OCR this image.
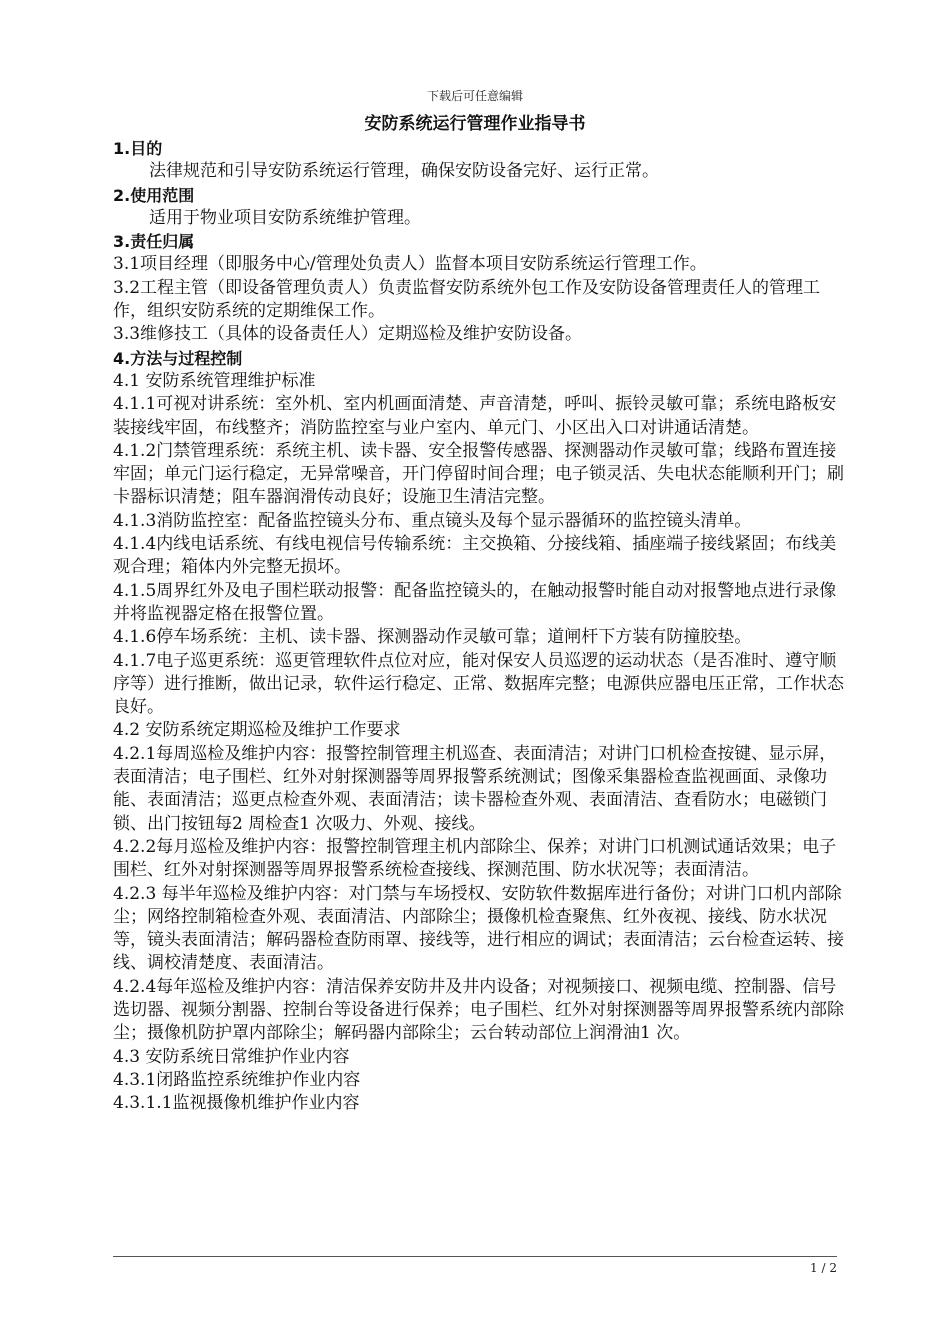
下载后可任意编辑
安防系统运行管理作业指导书
1.目的
法律规范和引导安防系统运行管理，确保安防设备完好、运行正常。
2.使用范围
适用于物业项目安防系统维护管理。
3.责任归属
3.1项目经理（即服务中心/管理处负责人）监督本项目安防系统运行管理工作。
3.2工程主管（即设备管理负责人）负责监督安防系统外包工作及安防设备管理责任人的管理工作，组织安防系统的定期维保工作。
3.3维修技工（具体的设备责任人）定期巡检及维护安防设备。
4.方法与过程控制
4.1 安防系统管理维护标准
4.1.1可视对讲系统：室外机、室内机画面清楚、声音清楚，呼叫、振铃灵敏可靠；系统电路板安装接线牢固，布线整齐；消防监控室与业户室内、单元门、小区出入口对讲通话清楚。
4.1.2门禁管理系统：系统主机、读卡器、安全报警传感器、探测器动作灵敏可靠；线路布置连接牢固；单元门运行稳定，无异常噪音，开门停留时间合理；电子锁灵活、失电状态能顺利开门；刷卡器标识清楚；阻车器润滑传动良好；设施卫生清洁完整。
4.1.3消防监控室：配备监控镜头分布、重点镜头及每个显示器循环的监控镜头清单。
4.1.4内线电话系统、有线电视信号传输系统：主交换箱、分接线箱、插座端子接线紧固；布线美观合理；箱体内外完整无损坏。
4.1.5周界红外及电子围栏联动报警：配备监控镜头的，在触动报警时能自动对报警地点进行录像并将监视器定格在报警位置。
4.1.6停车场系统：主机、读卡器、探测器动作灵敏可靠；道闸杆下方装有防撞胶垫。
4.1.7电子巡更系统：巡更管理软件点位对应，能对保安人员巡逻的运动状态（是否准时、遵守顺序等）进行推断，做出记录，软件运行稳定、正常、数据库完整；电源供应器电压正常，工作状态良好。
4.2 安防系统定期巡检及维护工作要求
4.2.1每周巡检及维护内容：报警控制管理主机巡查、表面清洁；对讲门口机检查按键、显示屏，表面清洁；电子围栏、红外对射探测器等周界报警系统测试；图像采集器检查监视画面、录像功能、表面清洁；巡更点检查外观、表面清洁；读卡器检查外观、表面清洁、查看防水；电磁锁门锁、出门按钮每2 周检查1 次吸力、外观、接线。
4.2.2每月巡检及维护内容：报警控制管理主机内部除尘、保养；对讲门口机测试通话效果；电子围栏、红外对射探测器等周界报警系统检查接线、探测范围、防水状况等；表面清洁。
4.2.3 每半年巡检及维护内容：对门禁与车场授权、安防软件数据库进行备份；对讲门口机内部除尘；网络控制箱检查外观、表面清洁、内部除尘；摄像机检查聚焦、红外夜视、接线、防水状况等，镜头表面清洁；解码器检查防雨罩、接线等，进行相应的调试；表面清洁；云台检查运转、接线、调校清楚度、表面清洁。
4.2.4每年巡检及维护内容：清洁保养安防井及井内设备；对视频接口、视频电缆、控制器、信号选切器、视频分割器、控制台等设备进行保养；电子围栏、红外对射探测器等周界报警系统内部除尘；摄像机防护罩内部除尘；解码器内部除尘；云台转动部位上润滑油1 次。
4.3 安防系统日常维护作业内容
4.3.1闭路监控系统维护作业内容
4.3.1.1监视摄像机维护作业内容
1 / 2
